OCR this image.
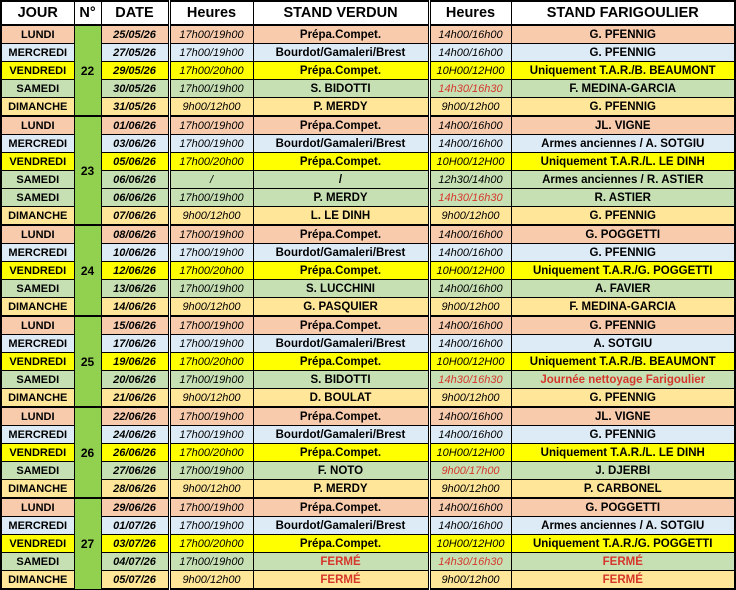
JOUR	N°	DATE	Heures	STAND VERDUN	Heures	STAND FARIGOULIER
LUNDI	22	25/05/26	17h00/19h00	Prépa.Compet.	14h00/16h00	G. PFENNIG
MERCREDI		27/05/26	17h00/19h00	Bourdot/Gamaleri/Brest	14h00/16h00	G. PFENNIG
VENDREDI		29/05/26	17h00/20h00	Prépa.Compet.	10H00/12H00	Uniquement T.A.R./B. BEAUMONT
SAMEDI		30/05/26	17h00/19h00	S. BIDOTTI	14h30/16h30	F. MEDINA-GARCIA
DIMANCHE		31/05/26	9h00/12h00	P. MERDY	9h00/12h00	G. PFENNIG
LUNDI	23	01/06/26	17h00/19h00	Prépa.Compet.	14h00/16h00	JL. VIGNE
MERCREDI		03/06/26	17h00/19h00	Bourdot/Gamaleri/Brest	14h00/16h00	Armes anciennes / A. SOTGIU
VENDREDI		05/06/26	17h00/20h00	Prépa.Compet.	10H00/12H00	Uniquement T.A.R./L. LE DINH
SAMEDI		06/06/26	/	/	12h30/14h00	Armes anciennes / R. ASTIER
SAMEDI		06/06/26	17h00/19h00	P. MERDY	14h30/16h30	R. ASTIER
DIMANCHE		07/06/26	9h00/12h00	L. LE DINH	9h00/12h00	G. PFENNIG
LUNDI	24	08/06/26	17h00/19h00	Prépa.Compet.	14h00/16h00	G. POGGETTI
MERCREDI		10/06/26	17h00/19h00	Bourdot/Gamaleri/Brest	14h00/16h00	G. PFENNIG
VENDREDI		12/06/26	17h00/20h00	Prépa.Compet.	10H00/12H00	Uniquement T.A.R./G. POGGETTI
SAMEDI		13/06/26	17h00/19h00	S. LUCCHINI	14h00/16h00	A. FAVIER
DIMANCHE		14/06/26	9h00/12h00	G. PASQUIER	9h00/12h00	F. MEDINA-GARCIA
LUNDI	25	15/06/26	17h00/19h00	Prépa.Compet.	14h00/16h00	G. PFENNIG
MERCREDI		17/06/26	17h00/19h00	Bourdot/Gamaleri/Brest	14h00/16h00	A. SOTGIU
VENDREDI		19/06/26	17h00/20h00	Prépa.Compet.	10H00/12H00	Uniquement T.A.R./B. BEAUMONT
SAMEDI		20/06/26	17h00/19h00	S. BIDOTTI	14h30/16h30	Journée nettoyage Farigoulier
DIMANCHE		21/06/26	9h00/12h00	D. BOULAT	9h00/12h00	G. PFENNIG
LUNDI	26	22/06/26	17h00/19h00	Prépa.Compet.	14h00/16h00	JL. VIGNE
MERCREDI		24/06/26	17h00/19h00	Bourdot/Gamaleri/Brest	14h00/16h00	G. PFENNIG
VENDREDI		26/06/26	17h00/20h00	Prépa.Compet.	10H00/12H00	Uniquement T.A.R./L. LE DINH
SAMEDI		27/06/26	17h00/19h00	F. NOTO	9h00/17h00	J. DJERBI
DIMANCHE		28/06/26	9h00/12h00	P. MERDY	9h00/12h00	P. CARBONEL
LUNDI	27	29/06/26	17h00/19h00	Prépa.Compet.	14h00/16h00	G. POGGETTI
MERCREDI		01/07/26	17h00/19h00	Bourdot/Gamaleri/Brest	14h00/16h00	Armes anciennes / A. SOTGIU
VENDREDI		03/07/26	17h00/20h00	Prépa.Compet.	10H00/12H00	Uniquement T.A.R./G. POGGETTI
SAMEDI		04/07/26	17h00/19h00	FERMÉ	14h30/16h30	FERMÉ
DIMANCHE		05/07/26	9h00/12h00	FERMÉ	9h00/12h00	FERMÉ
